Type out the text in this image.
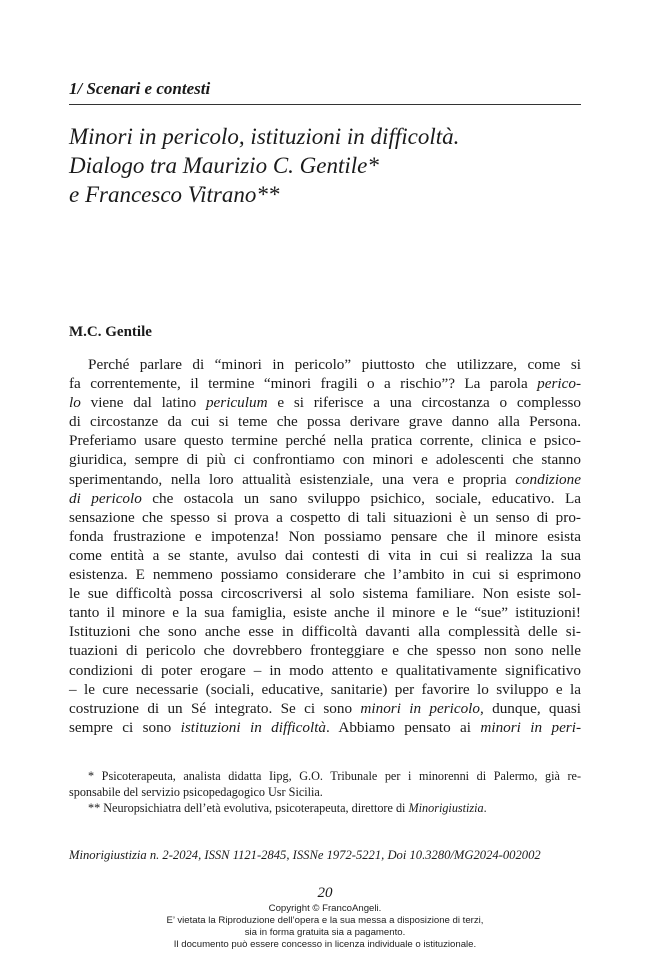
1/ Scenari e contesti
Minori in pericolo, istituzioni in difficoltà.
Dialogo tra Maurizio C. Gentile*
e Francesco Vitrano**
M.C. Gentile
Perché parlare di “minori in pericolo” piuttosto che utilizzare, come si
fa correntemente, il termine “minori fragili o a rischio”? La parola perico-
lo viene dal latino periculum e si riferisce a una circostanza o complesso
di circostanze da cui si teme che possa derivare grave danno alla Persona.
Preferiamo usare questo termine perché nella pratica corrente, clinica e psico-
giuridica, sempre di più ci confrontiamo con minori e adolescenti che stanno
sperimentando, nella loro attualità esistenziale, una vera e propria condizione
di pericolo che ostacola un sano sviluppo psichico, sociale, educativo. La
sensazione che spesso si prova a cospetto di tali situazioni è un senso di pro-
fonda frustrazione e impotenza! Non possiamo pensare che il minore esista
come entità a se stante, avulso dai contesti di vita in cui si realizza la sua
esistenza. E nemmeno possiamo considerare che l’ambito in cui si esprimono
le sue difficoltà possa circoscriversi al solo sistema familiare. Non esiste sol-
tanto il minore e la sua famiglia, esiste anche il minore e le “sue” istituzioni!
Istituzioni che sono anche esse in difficoltà davanti alla complessità delle si-
tuazioni di pericolo che dovrebbero fronteggiare e che spesso non sono nelle
condizioni di poter erogare – in modo attento e qualitativamente significativo
– le cure necessarie (sociali, educative, sanitarie) per favorire lo sviluppo e la
costruzione di un Sé integrato. Se ci sono minori in pericolo, dunque, quasi
sempre ci sono istituzioni in difficoltà. Abbiamo pensato ai minori in peri-
* Psicoterapeuta, analista didatta Iipg, G.O. Tribunale per i minorenni di Palermo, già re-
sponsabile del servizio psicopedagogico Usr Sicilia.
** Neuropsichiatra dell’età evolutiva, psicoterapeuta, direttore di Minorigiustizia.
Minorigiustizia n. 2-2024, ISSN 1121-2845, ISSNe 1972-5221, Doi 10.3280/MG2024-002002
20
Copyright © FrancoAngeli.
E’ vietata la Riproduzione dell’opera e la sua messa a disposizione di terzi,
sia in forma gratuita sia a pagamento.
Il documento può essere concesso in licenza individuale o istituzionale.
